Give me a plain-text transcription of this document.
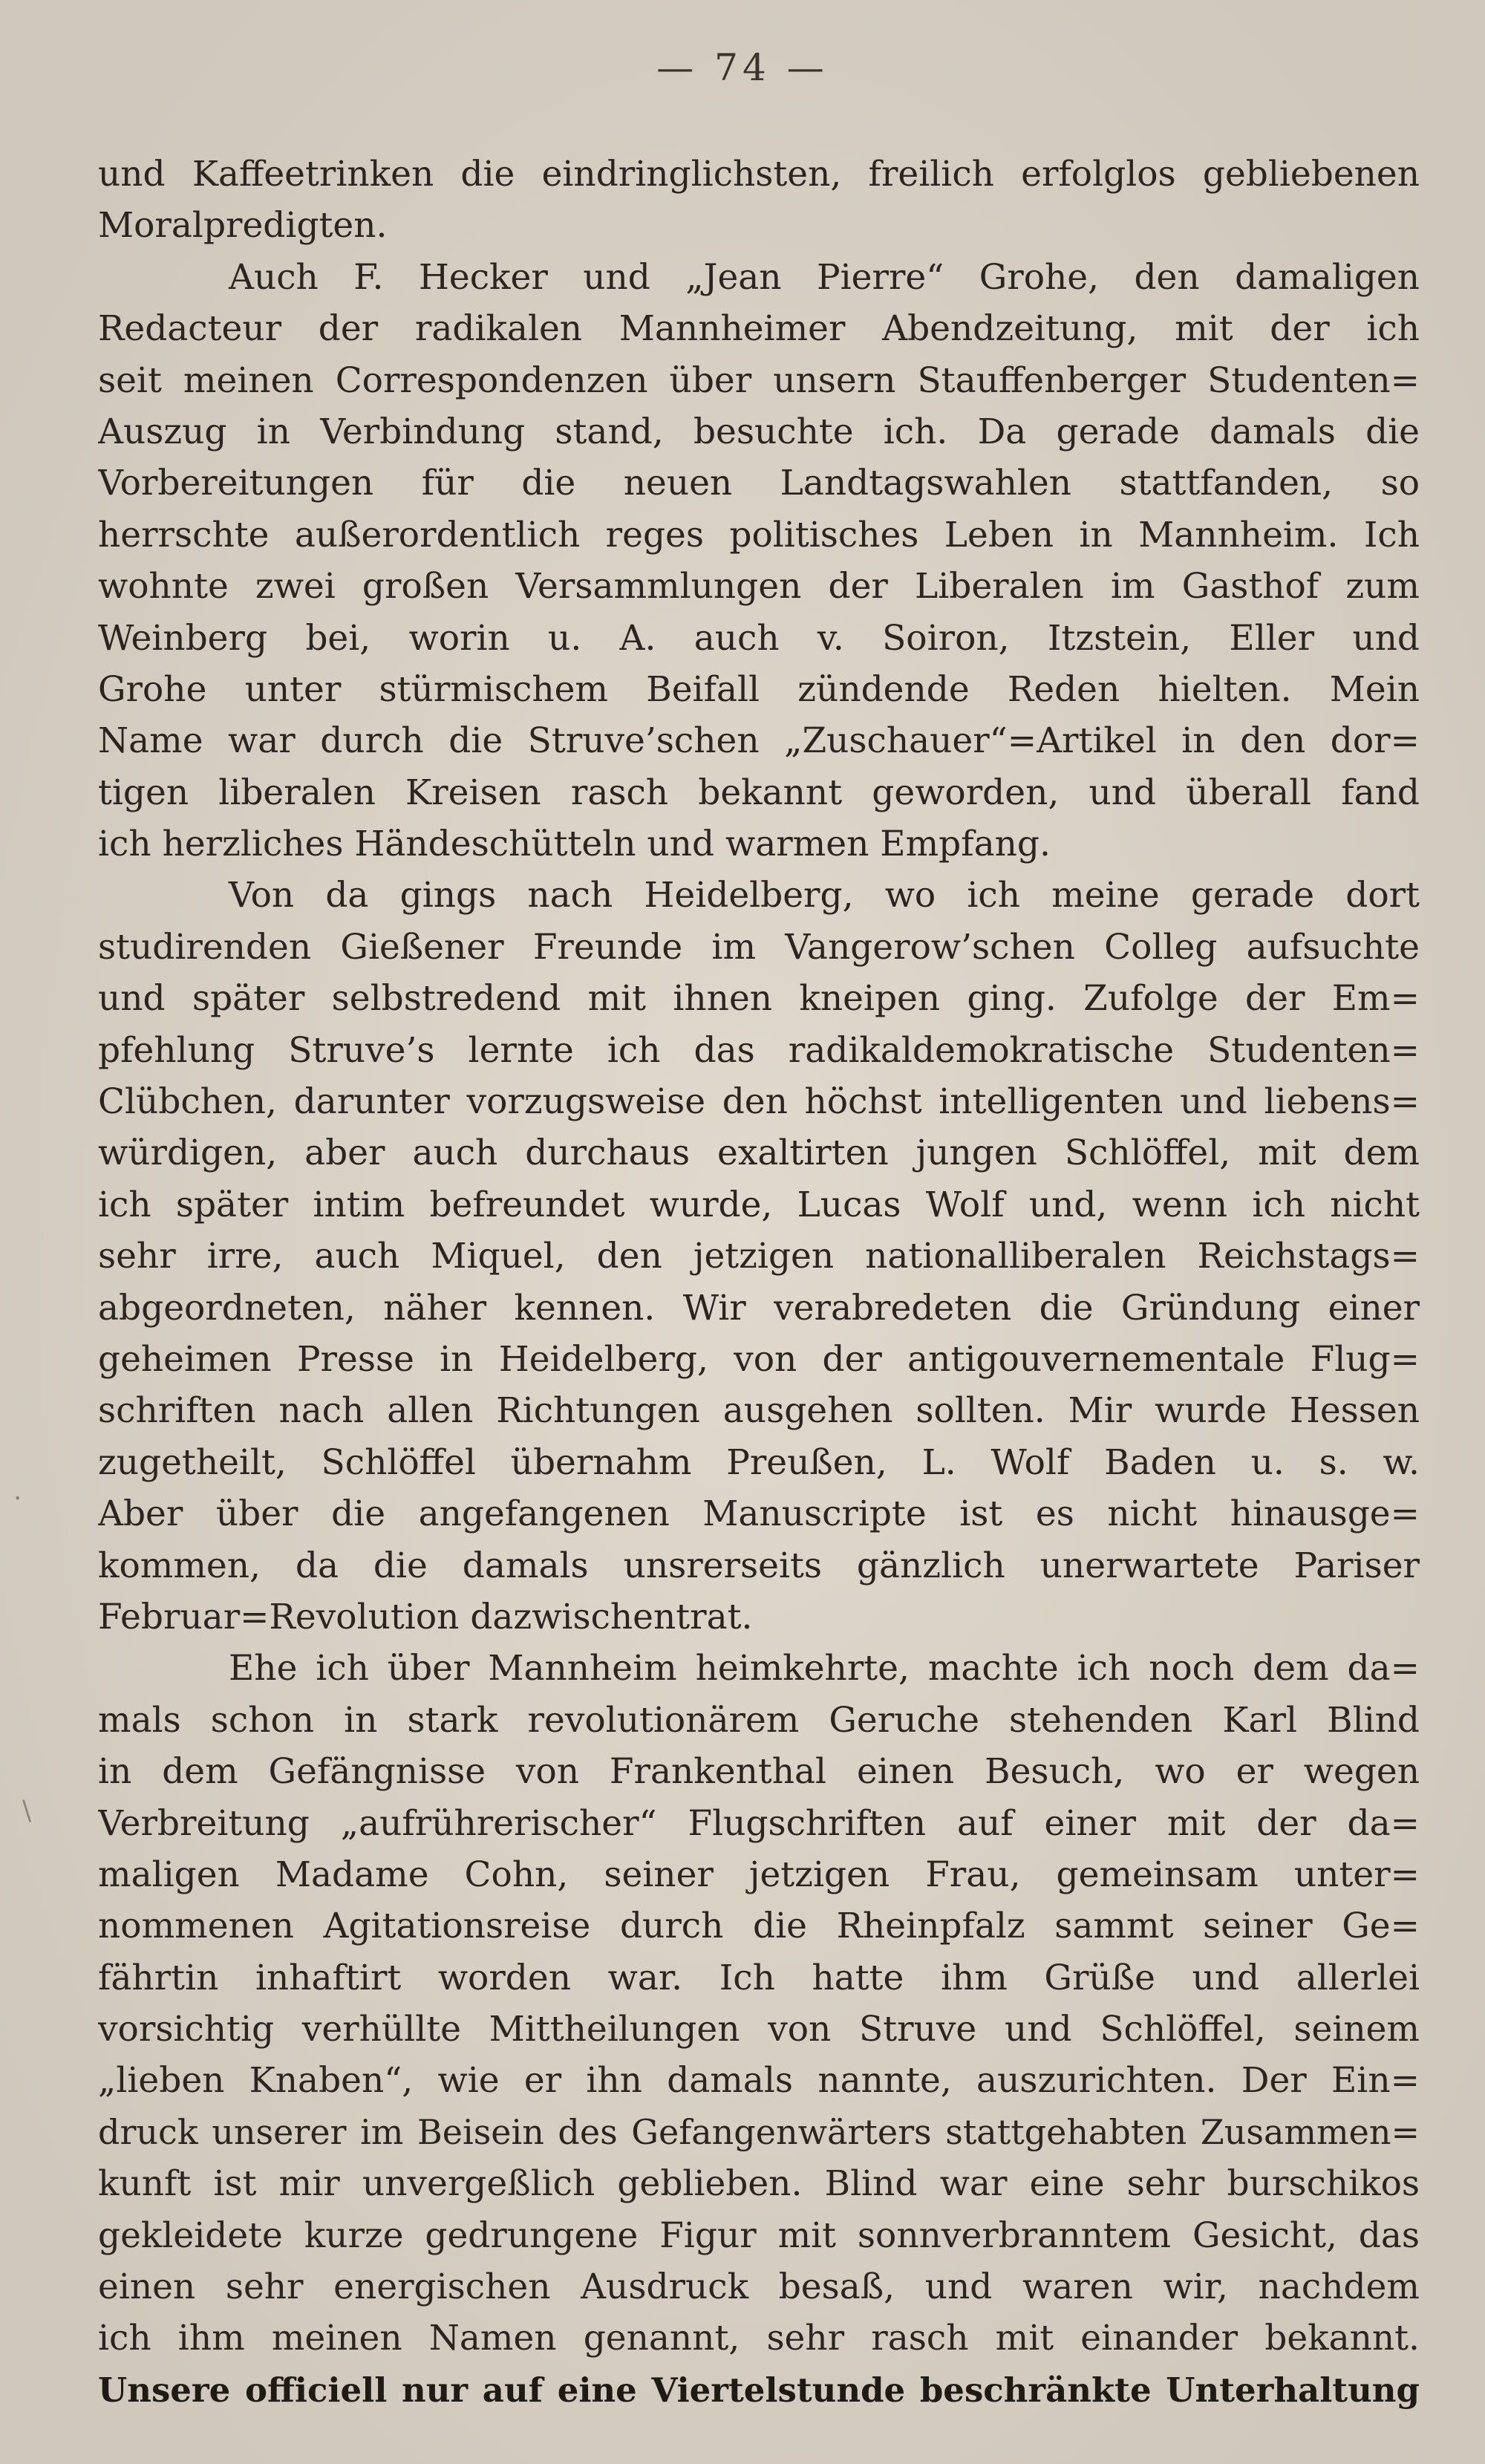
— 74 —
und Kaffeetrinken die eindringlichsten, freilich erfolglos gebliebenen
Moralpredigten.
Auch F. Hecker und „Jean Pierre“ Grohe, den damaligen
Redacteur der radikalen Mannheimer Abendzeitung, mit der ich
seit meinen Correspondenzen über unsern Stauffenberger Studenten=
Auszug in Verbindung stand, besuchte ich. Da gerade damals die
Vorbereitungen für die neuen Landtagswahlen stattfanden, so
herrschte außerordentlich reges politisches Leben in Mannheim. Ich
wohnte zwei großen Versammlungen der Liberalen im Gasthof zum
Weinberg bei, worin u. A. auch v. Soiron, Itzstein, Eller und
Grohe unter stürmischem Beifall zündende Reden hielten. Mein
Name war durch die Struve’schen „Zuschauer“=Artikel in den dor=
tigen liberalen Kreisen rasch bekannt geworden, und überall fand
ich herzliches Händeschütteln und warmen Empfang.
Von da gings nach Heidelberg, wo ich meine gerade dort
studirenden Gießener Freunde im Vangerow’schen Colleg aufsuchte
und später selbstredend mit ihnen kneipen ging. Zufolge der Em=
pfehlung Struve’s lernte ich das radikaldemokratische Studenten=
Clübchen, darunter vorzugsweise den höchst intelligenten und liebens=
würdigen, aber auch durchaus exaltirten jungen Schlöffel, mit dem
ich später intim befreundet wurde, Lucas Wolf und, wenn ich nicht
sehr irre, auch Miquel, den jetzigen nationalliberalen Reichstags=
abgeordneten, näher kennen. Wir verabredeten die Gründung einer
geheimen Presse in Heidelberg, von der antigouvernementale Flug=
schriften nach allen Richtungen ausgehen sollten. Mir wurde Hessen
zugetheilt, Schlöffel übernahm Preußen, L. Wolf Baden u. s. w.
Aber über die angefangenen Manuscripte ist es nicht hinausge=
kommen, da die damals unsrerseits gänzlich unerwartete Pariser
Februar=Revolution dazwischentrat.
Ehe ich über Mannheim heimkehrte, machte ich noch dem da=
mals schon in stark revolutionärem Geruche stehenden Karl Blind
in dem Gefängnisse von Frankenthal einen Besuch, wo er wegen
Verbreitung „aufrührerischer“ Flugschriften auf einer mit der da=
maligen Madame Cohn, seiner jetzigen Frau, gemeinsam unter=
nommenen Agitationsreise durch die Rheinpfalz sammt seiner Ge=
fährtin inhaftirt worden war. Ich hatte ihm Grüße und allerlei
vorsichtig verhüllte Mittheilungen von Struve und Schlöffel, seinem
„lieben Knaben“, wie er ihn damals nannte, auszurichten. Der Ein=
druck unserer im Beisein des Gefangenwärters stattgehabten Zusammen=
kunft ist mir unvergeßlich geblieben. Blind war eine sehr burschikos
gekleidete kurze gedrungene Figur mit sonnverbranntem Gesicht, das
einen sehr energischen Ausdruck besaß, und waren wir, nachdem
ich ihm meinen Namen genannt, sehr rasch mit einander bekannt.
Unsere officiell nur auf eine Viertelstunde beschränkte Unterhaltung
·
\
